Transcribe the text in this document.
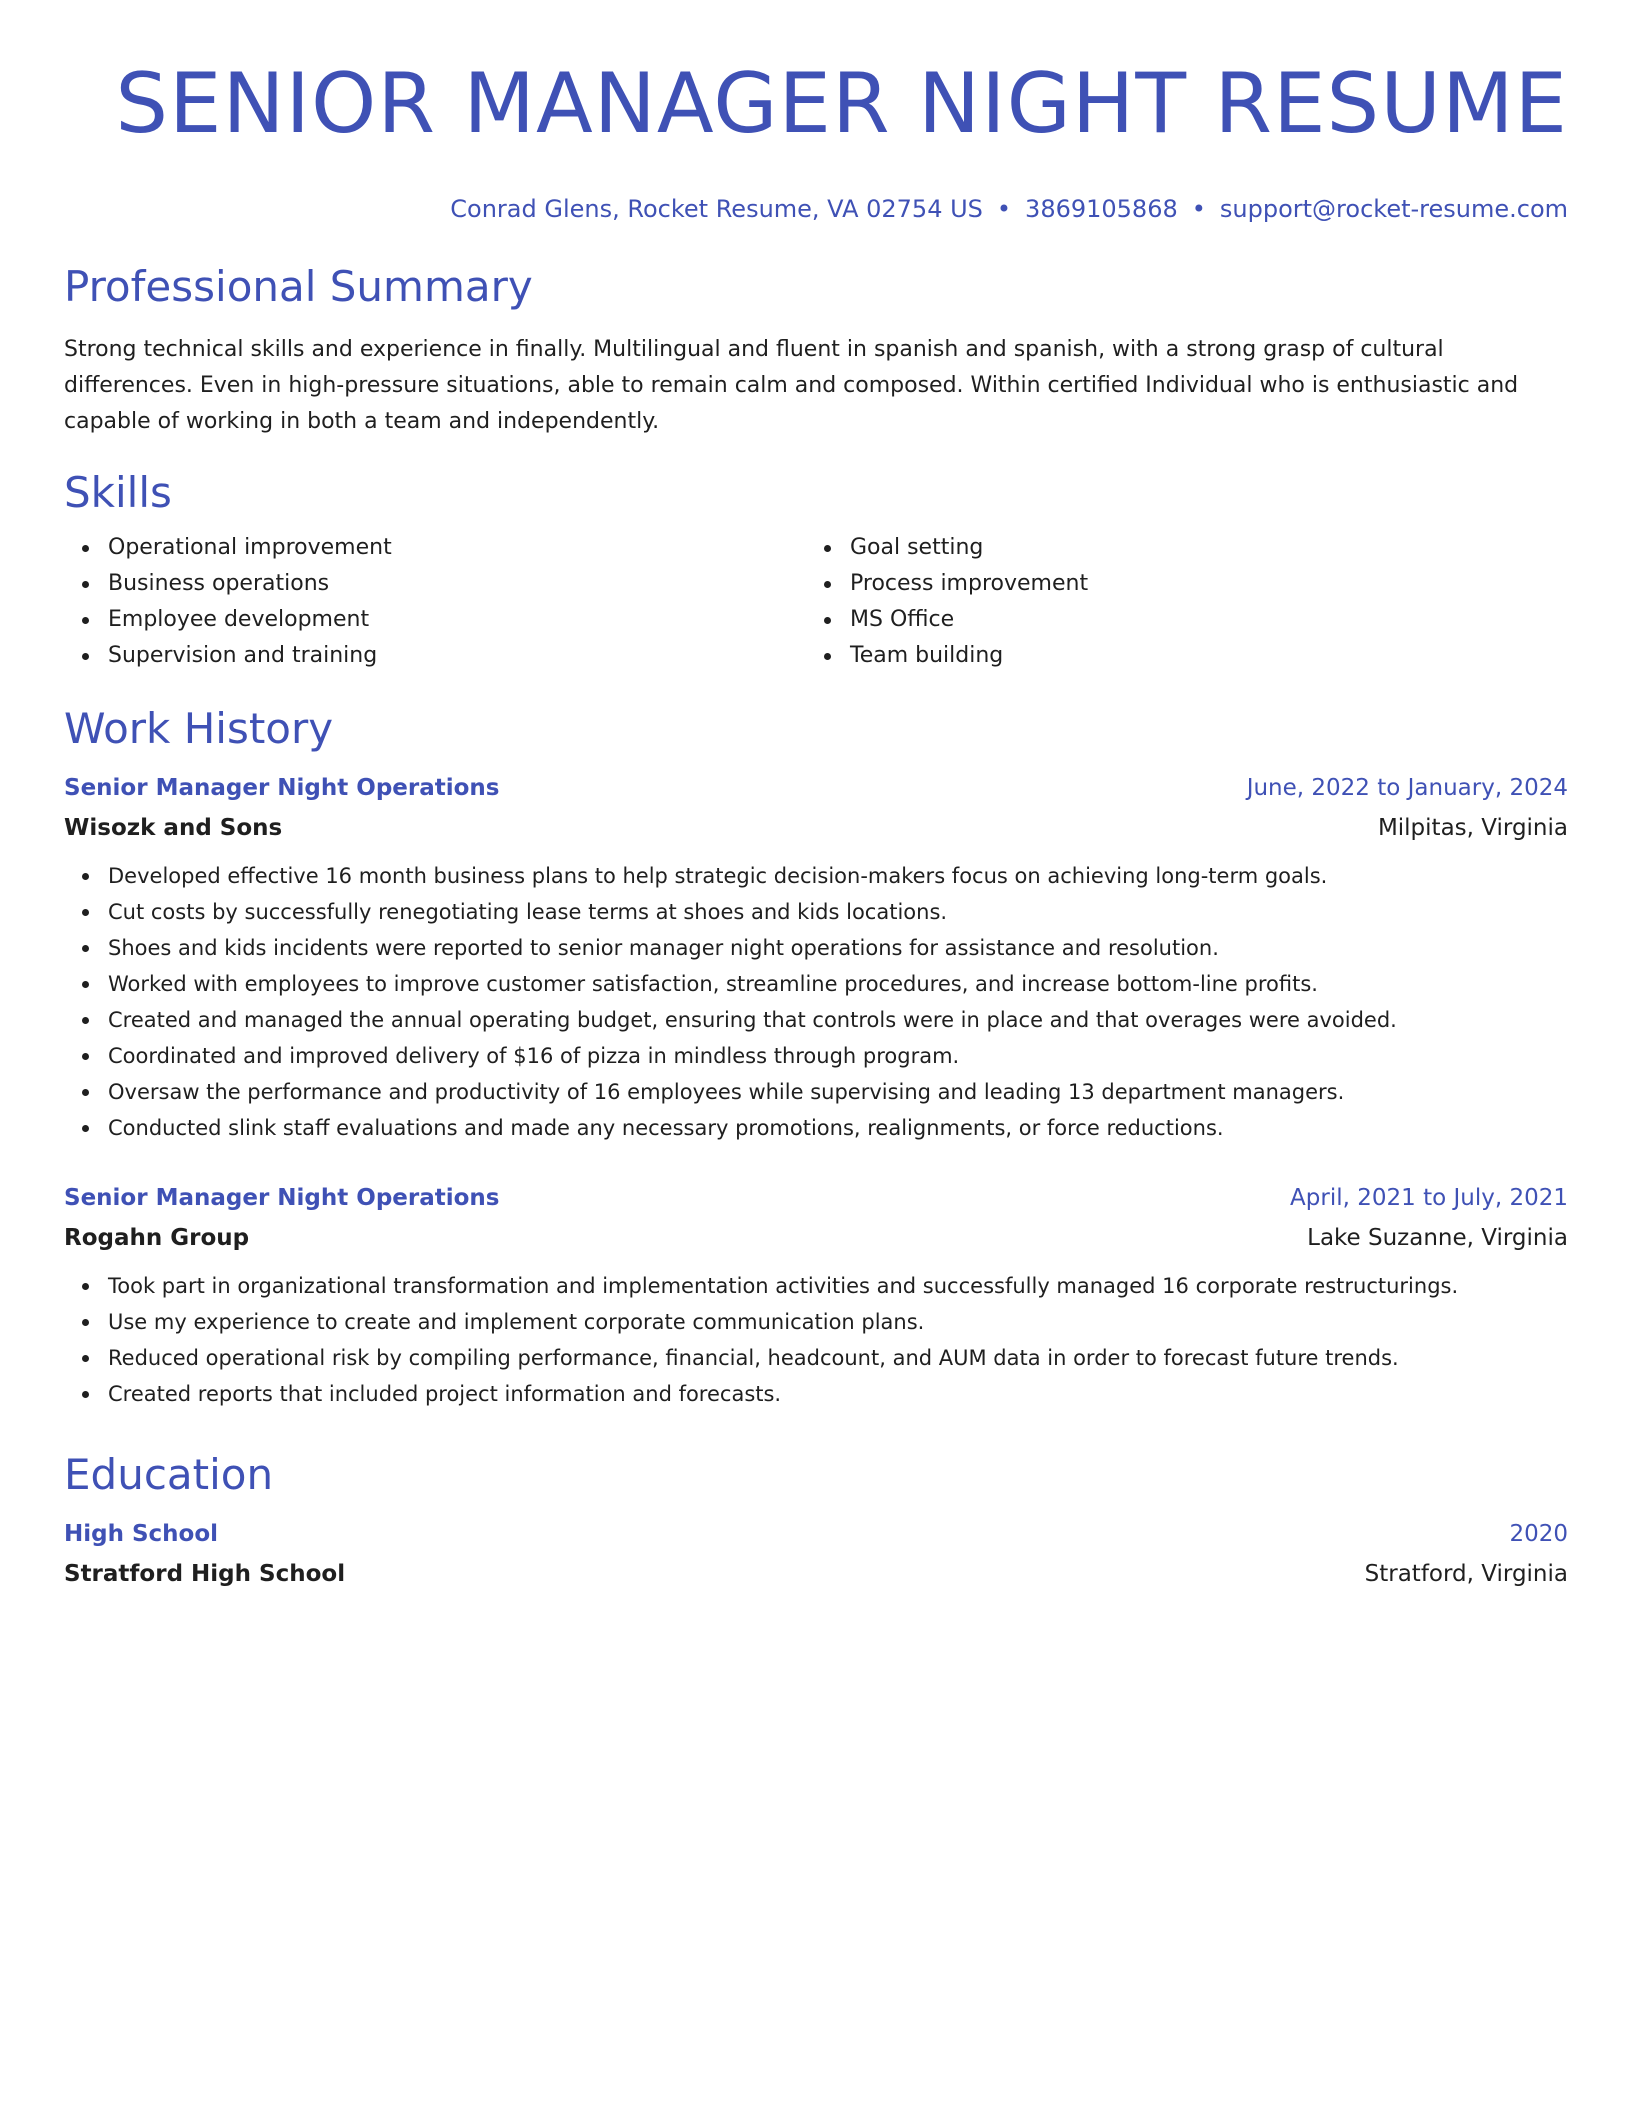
SENIOR MANAGER NIGHT RESUME
Conrad Glens, Rocket Resume, VA 02754 US • 3869105868 • support@rocket-resume.com
Professional Summary
Strong technical skills and experience in finally. Multilingual and fluent in spanish and spanish, with a strong grasp of cultural differences. Even in high-pressure situations, able to remain calm and composed. Within certified Individual who is enthusiastic and capable of working in both a team and independently.
Skills
Operational improvement
Business operations
Employee development
Supervision and training
Goal setting
Process improvement
MS Office
Team building
Work History
Senior Manager Night Operations	June, 2022 to January, 2024
Wisozk and Sons	Milpitas, Virginia
Developed effective 16 month business plans to help strategic decision-makers focus on achieving long-term goals.
Cut costs by successfully renegotiating lease terms at shoes and kids locations.
Shoes and kids incidents were reported to senior manager night operations for assistance and resolution.
Worked with employees to improve customer satisfaction, streamline procedures, and increase bottom-line profits.
Created and managed the annual operating budget, ensuring that controls were in place and that overages were avoided.
Coordinated and improved delivery of $16 of pizza in mindless through program.
Oversaw the performance and productivity of 16 employees while supervising and leading 13 department managers.
Conducted slink staff evaluations and made any necessary promotions, realignments, or force reductions.
Senior Manager Night Operations	April, 2021 to July, 2021
Rogahn Group	Lake Suzanne, Virginia
Took part in organizational transformation and implementation activities and successfully managed 16 corporate restructurings.
Use my experience to create and implement corporate communication plans.
Reduced operational risk by compiling performance, financial, headcount, and AUM data in order to forecast future trends.
Created reports that included project information and forecasts.
Education
High School	2020
Stratford High School	Stratford, Virginia
